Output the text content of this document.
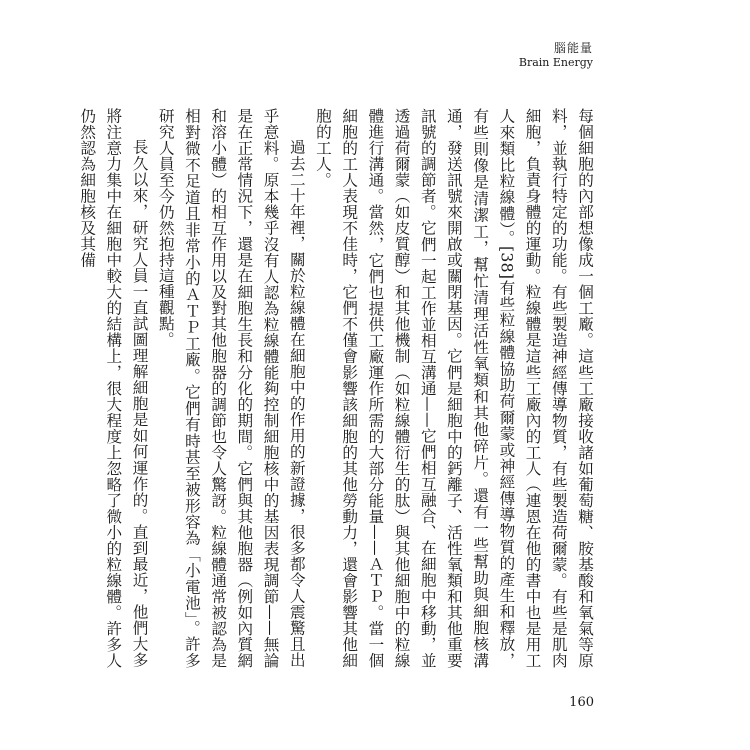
腦能量
Brain Energy

每個細胞的內部想像成一個工廠。這些工廠接收諸如葡萄糖、胺基酸和氧氣等原料，並執行特定的功能。有些製造神經傳導物質，有些製造荷爾蒙。有些是肌肉細胞，負責身體的運動。粒線體是這些工廠內的工人（連恩在他的書中也是用工人來類比粒線體）。[38]有些粒線體協助荷爾蒙或神經傳導物質的產生和釋放，有些則像是清潔工，幫忙清理活性氧類和其他碎片。還有一些幫助與細胞核溝通，發送訊號來開啟或關閉基因。它們是細胞中的鈣離子、活性氧類和其他重要訊號的調節者。它們一起工作並相互溝通——它們相互融合、在細胞中移動，並透過荷爾蒙（如皮質醇）和其他機制（如粒線體衍生的肽）與其他細胞中的粒線體進行溝通。當然，它們也提供工廠運作所需的大部分能量——ＡＴＰ。當一個細胞的工人表現不佳時，它們不僅會影響該細胞的其他勞動力，還會影響其他細胞的工人。

過去二十年裡，關於粒線體在細胞中的作用的新證據，很多都令人震驚且出乎意料。原本幾乎沒有人認為粒線體能夠控制細胞核中的基因表現調節——無論是在正常情況下，還是在細胞生長和分化的期間。它們與其他胞器（例如內質網和溶小體）的相互作用以及對其他胞器的調節也令人驚訝。粒線體通常被認為是相對微不足道且非常小的ＡＴＰ工廠。它們有時甚至被形容為「小電池」。許多研究人員至今仍然抱持這種觀點。

長久以來，研究人員一直試圖理解細胞是如何運作的。直到最近，他們大多將注意力集中在細胞中較大的結構上，很大程度上忽略了微小的粒線體。許多人仍然認為細胞核及其備

160
